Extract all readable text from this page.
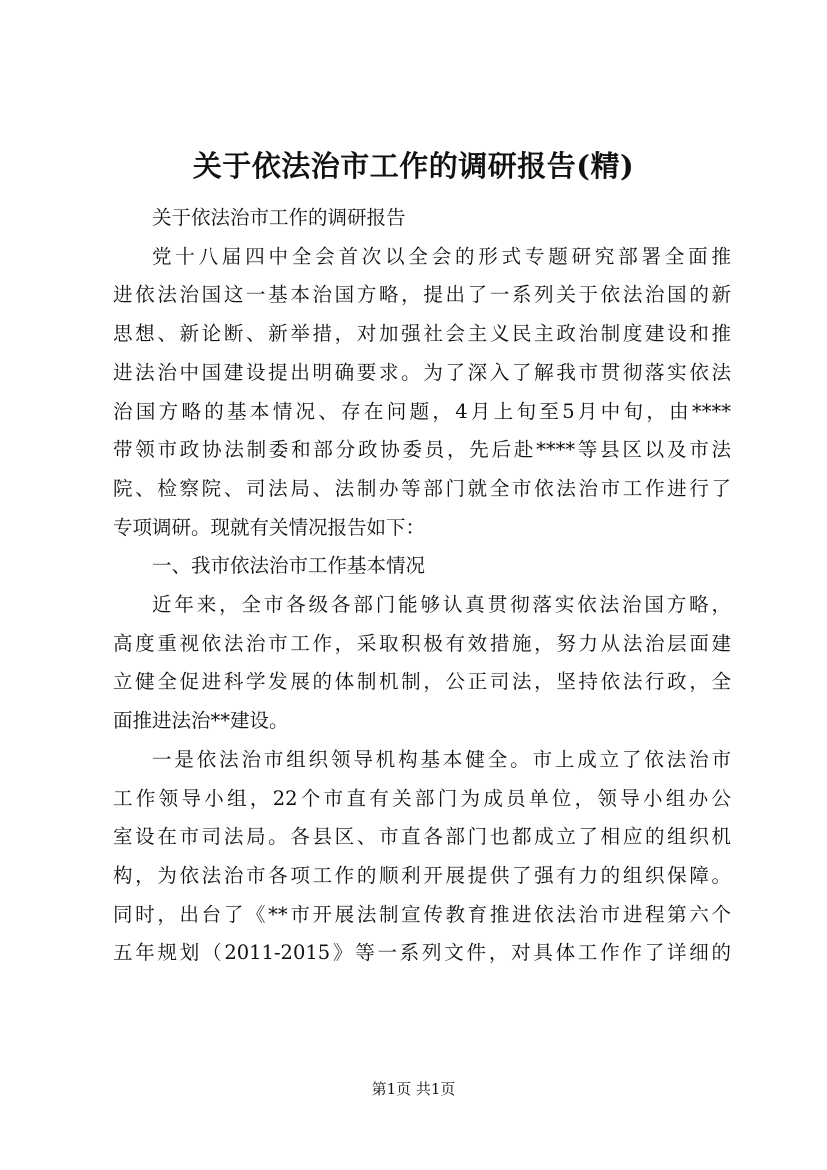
关于依法治市工作的调研报告(精)
关于依法治市工作的调研报告
党十八届四中全会首次以全会的形式专题研究部署全面推
进依法治国这一基本治国方略，提出了一系列关于依法治国的新
思想、新论断、新举措，对加强社会主义民主政治制度建设和推
进法治中国建设提出明确要求。为了深入了解我市贯彻落实依法
治国方略的基本情况、存在问题，4月上旬至5月中旬，由****
带领市政协法制委和部分政协委员，先后赴****等县区以及市法
院、检察院、司法局、法制办等部门就全市依法治市工作进行了
专项调研。现就有关情况报告如下：
一、我市依法治市工作基本情况
近年来，全市各级各部门能够认真贯彻落实依法治国方略，
高度重视依法治市工作，采取积极有效措施，努力从法治层面建
立健全促进科学发展的体制机制，公正司法，坚持依法行政，全
面推进法治**建设。
一是依法治市组织领导机构基本健全。市上成立了依法治市
工作领导小组，22个市直有关部门为成员单位，领导小组办公
室设在市司法局。各县区、市直各部门也都成立了相应的组织机
构，为依法治市各项工作的顺利开展提供了强有力的组织保障。
同时，出台了《**市开展法制宣传教育推进依法治市进程第六个
五年规划（2011-2015》等一系列文件，对具体工作作了详细的
第1页 共1页
